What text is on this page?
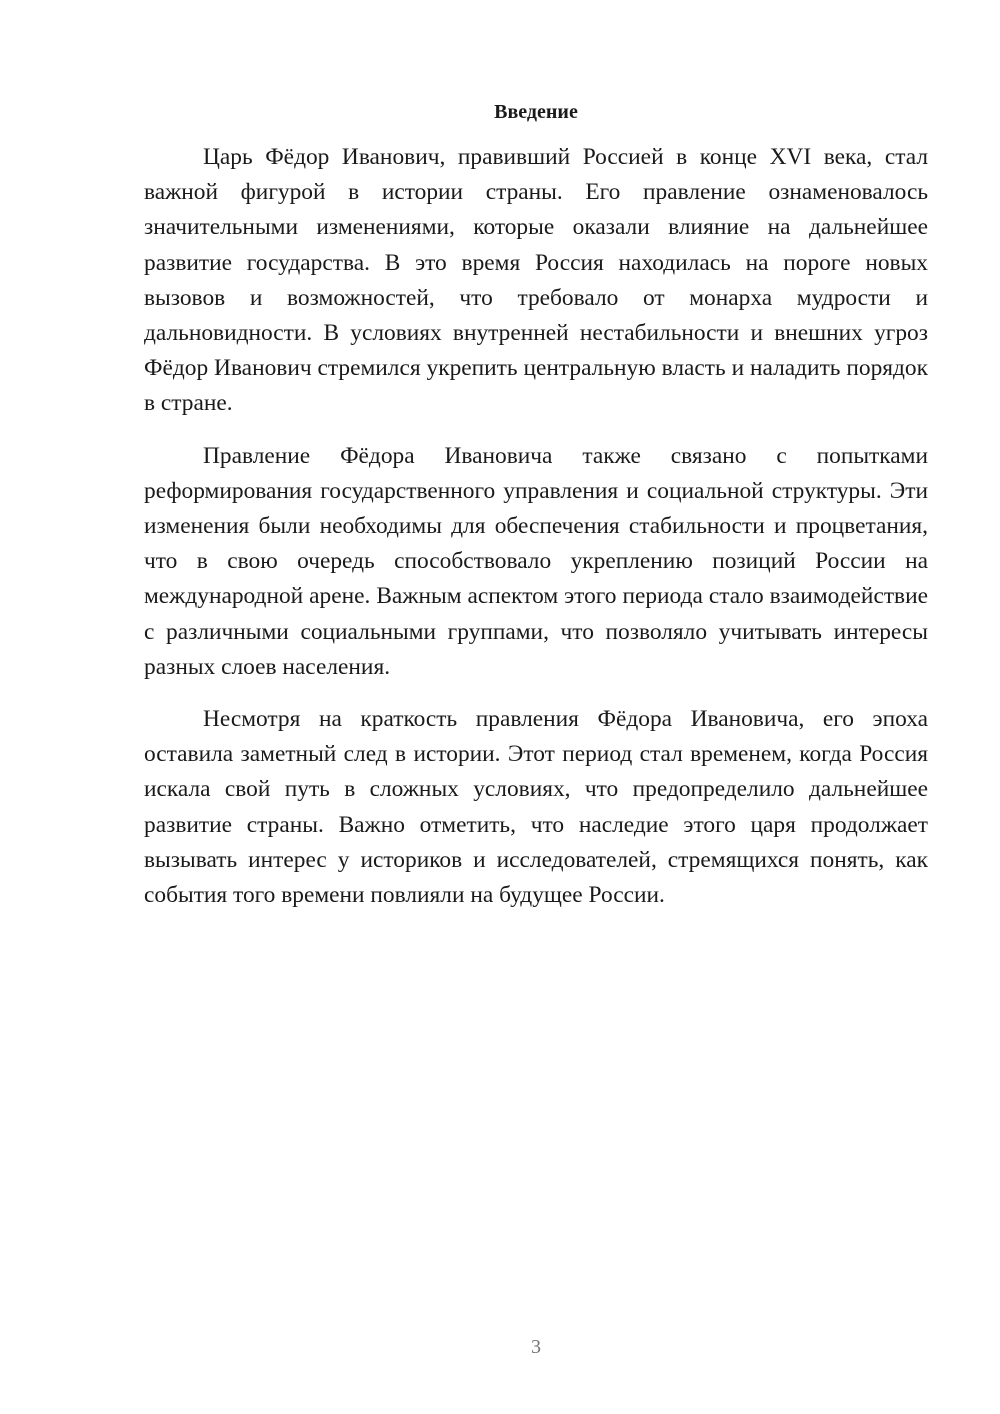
Введение

Царь Фёдор Иванович, правивший Россией в конце XVI века, стал важной фигурой в истории страны. Его правление ознаменовалось значительными изменениями, которые оказали влияние на дальнейшее развитие государства. В это время Россия находилась на пороге новых вызовов и возможностей, что требовало от монарха мудрости и дальновидности. В условиях внутренней нестабильности и внешних угроз Фёдор Иванович стремился укрепить центральную власть и наладить порядок в стране.

Правление Фёдора Ивановича также связано с попытками реформирования государственного управления и социальной структуры. Эти изменения были необходимы для обеспечения стабильности и процветания, что в свою очередь способствовало укреплению позиций России на международной арене. Важным аспектом этого периода стало взаимодействие с различными социальными группами, что позволяло учитывать интересы разных слоев населения.

Несмотря на краткость правления Фёдора Ивановича, его эпоха оставила заметный след в истории. Этот период стал временем, когда Россия искала свой путь в сложных условиях, что предопределило дальнейшее развитие страны. Важно отметить, что наследие этого царя продолжает вызывать интерес у историков и исследователей, стремящихся понять, как события того времени повлияли на будущее России.

3
